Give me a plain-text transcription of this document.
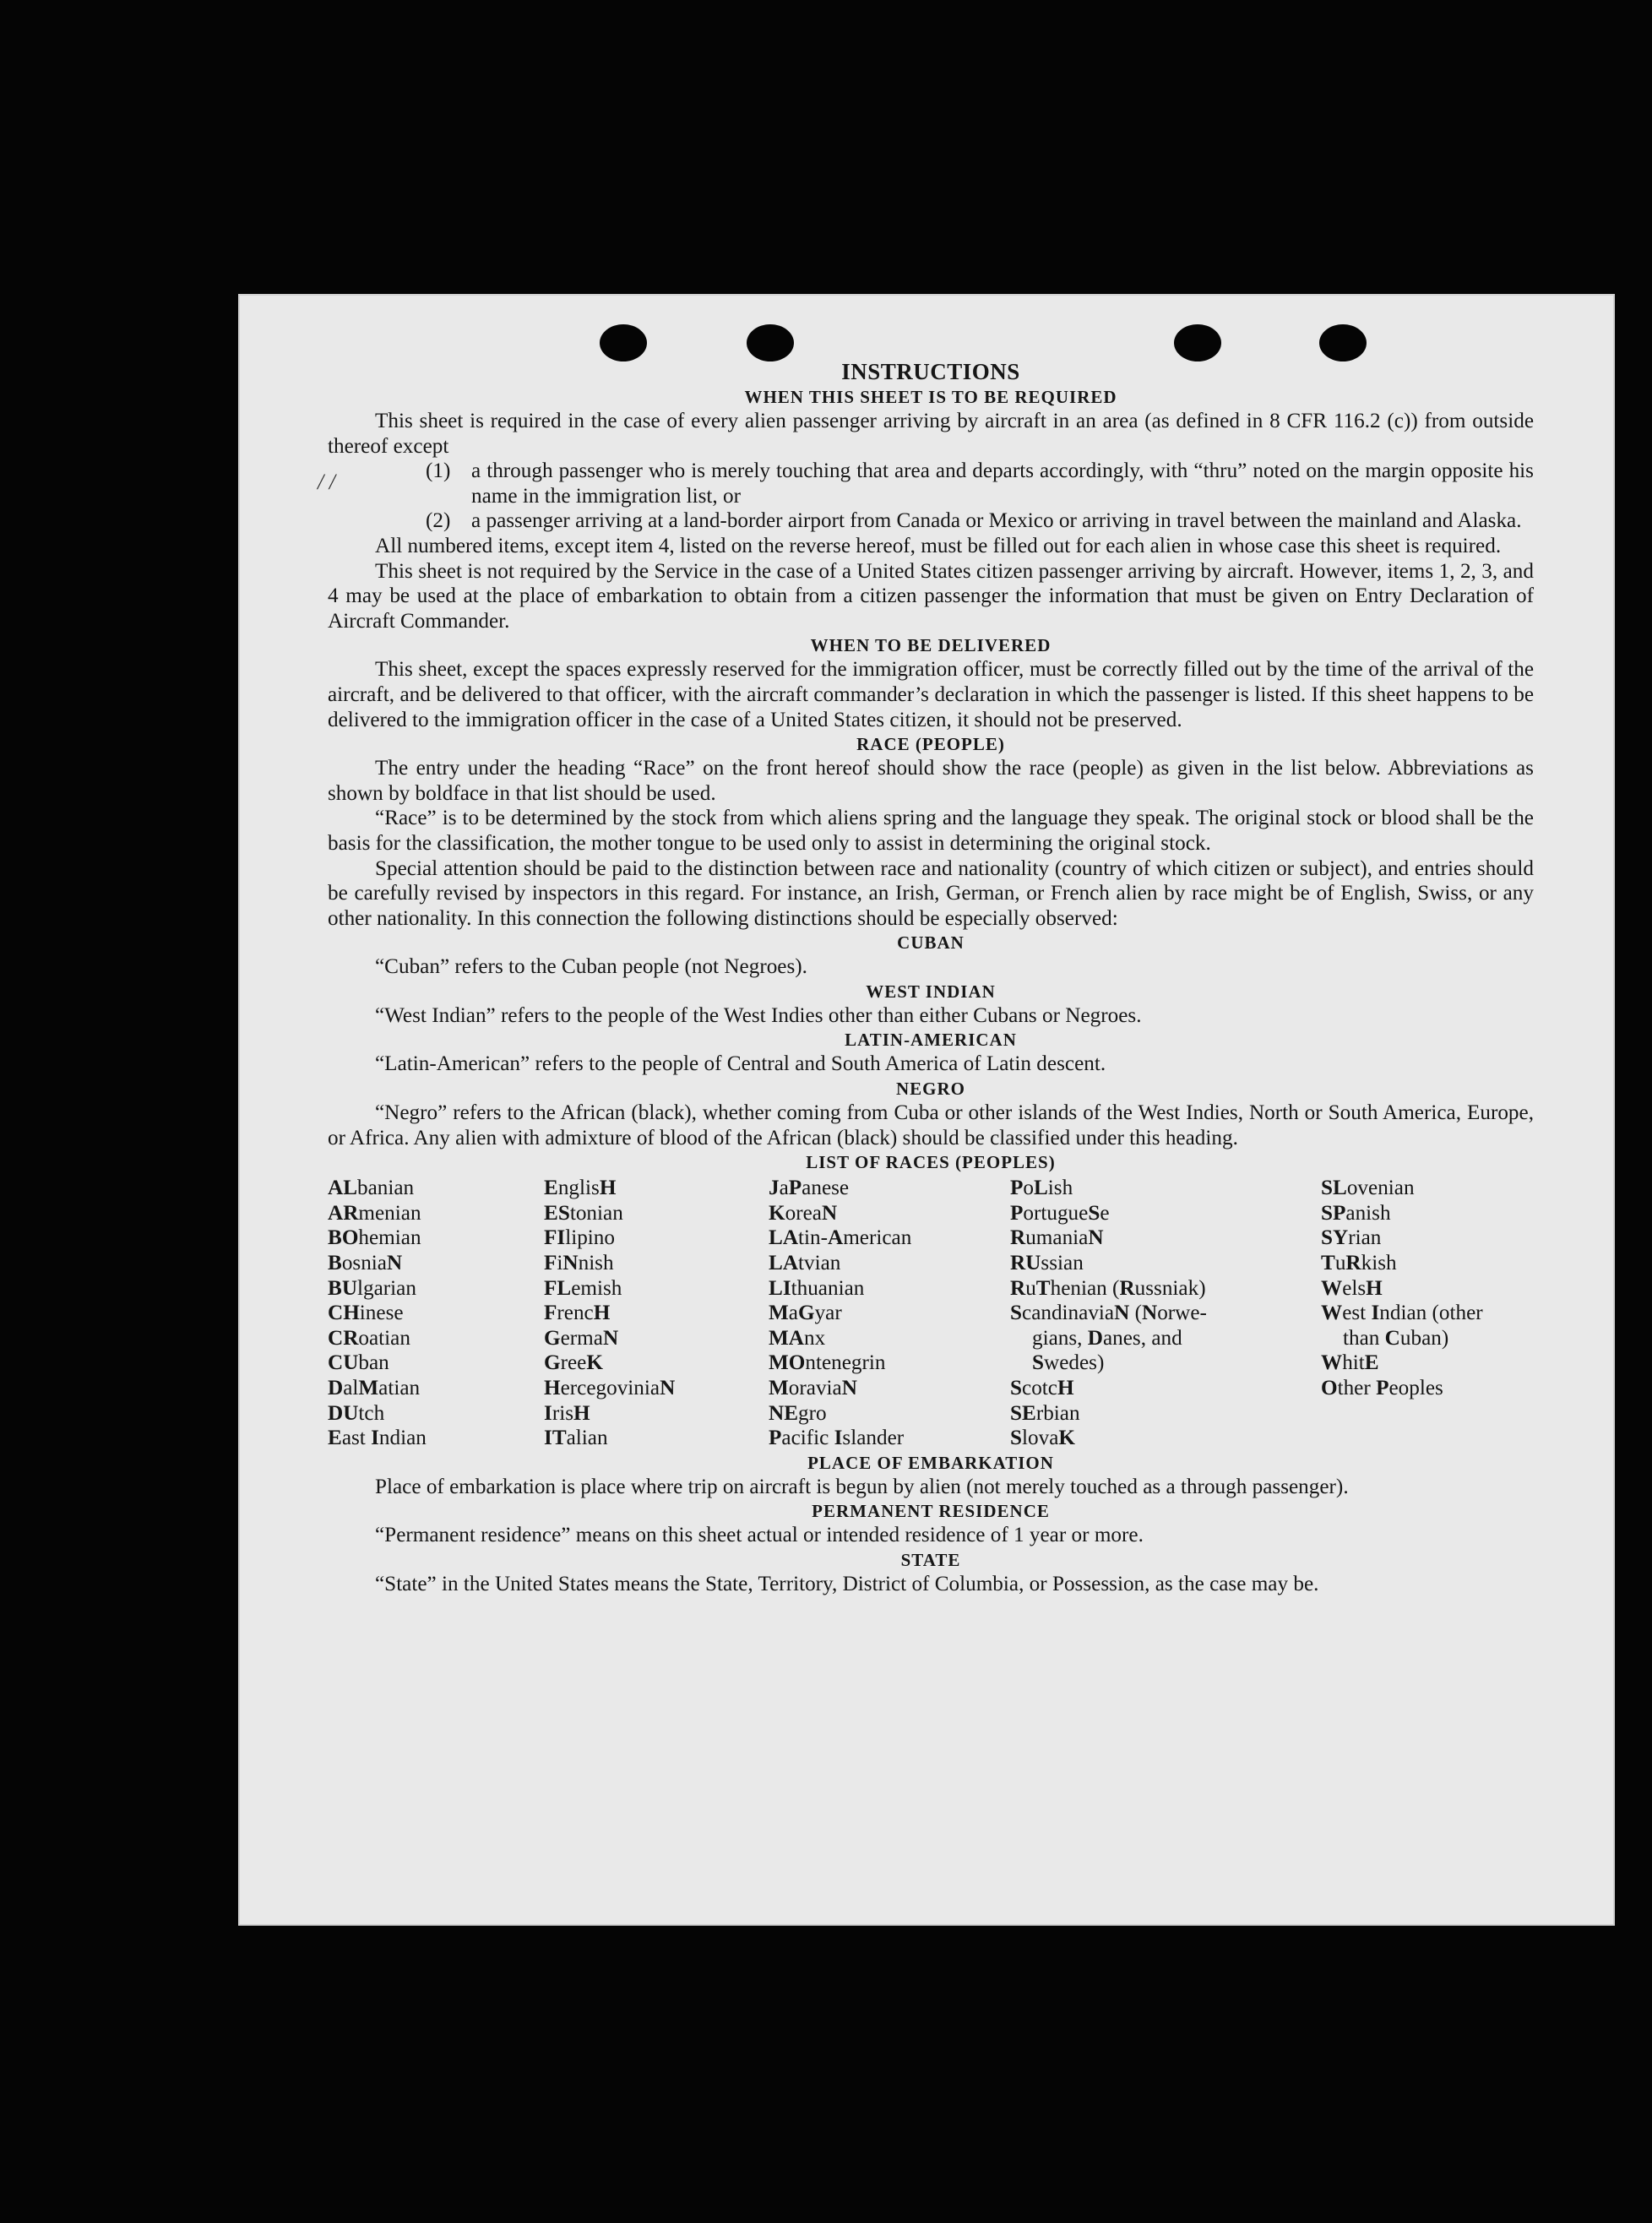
/ /
INSTRUCTIONS
WHEN THIS SHEET IS TO BE REQUIRED

This sheet is required in the case of every alien passenger arriving by aircraft in an area (as defined in 8 CFR 116.2 (c)) from outside thereof except

(1) a through passenger who is merely touching that area and departs accordingly, with “thru” noted on the margin opposite his name in the immigration list, or
(2) a passenger arriving at a land-border airport from Canada or Mexico or arriving in travel between the mainland and Alaska.

All numbered items, except item 4, listed on the reverse hereof, must be filled out for each alien in whose case this sheet is required.

This sheet is not required by the Service in the case of a United States citizen passenger arriving by aircraft. However, items 1, 2, 3, and 4 may be used at the place of embarkation to obtain from a citizen passenger the information that must be given on Entry Declaration of Aircraft Commander.

WHEN TO BE DELIVERED

This sheet, except the spaces expressly reserved for the immigration officer, must be correctly filled out by the time of the arrival of the aircraft, and be delivered to that officer, with the aircraft commander’s declaration in which the passenger is listed. If this sheet happens to be delivered to the immigration officer in the case of a United States citizen, it should not be preserved.

RACE (PEOPLE)

The entry under the heading “Race” on the front hereof should show the race (people) as given in the list below. Abbreviations as shown by boldface in that list should be used.

“Race” is to be determined by the stock from which aliens spring and the language they speak. The original stock or blood shall be the basis for the classification, the mother tongue to be used only to assist in determining the original stock.

Special attention should be paid to the distinction between race and nationality (country of which citizen or subject), and entries should be carefully revised by inspectors in this regard. For instance, an Irish, German, or French alien by race might be of English, Swiss, or any other nationality. In this connection the following distinctions should be especially observed:

CUBAN

“Cuban” refers to the Cuban people (not Negroes).

WEST INDIAN

“West Indian” refers to the people of the West Indies other than either Cubans or Negroes.

LATIN-AMERICAN

“Latin-American” refers to the people of Central and South America of Latin descent.

NEGRO

“Negro” refers to the African (black), whether coming from Cuba or other islands of the West Indies, North or South America, Europe, or Africa. Any alien with admixture of blood of the African (black) should be classified under this heading.

LIST OF RACES (PEOPLES)
ALbanian
ARmenian
BOhemian
BosniaN
BUlgarian
CHinese
CRoatian
CUban
DalMatian
DUtch
East Indian
EnglisH
EStonian
FIlipino
FiNnish
FLemish
FrencH
GermaN
GreeK
HercegoviniaN
IrisH
ITalian
JaPanese
KoreaN
LAtin-American
LAtvian
LIthuanian
MaGyar
MAnx
MOntenegrin
MoraviaN
NEgro
Pacific Islander
PoLish
PortugueSe
RumaniaN
RUssian
RuThenian (Russniak)
ScandinaviaN (Norwe-
gians, Danes, and
Swedes)
ScotcH
SErbian
SlovaK
SLovenian
SPanish
SYrian
TuRkish
WelsH
West Indian (other
than Cuban)
WhitE
Other Peoples
PLACE OF EMBARKATION

Place of embarkation is place where trip on aircraft is begun by alien (not merely touched as a through passenger).

PERMANENT RESIDENCE

“Permanent residence” means on this sheet actual or intended residence of 1 year or more.

STATE

“State” in the United States means the State, Territory, District of Columbia, or Possession, as the case may be.
